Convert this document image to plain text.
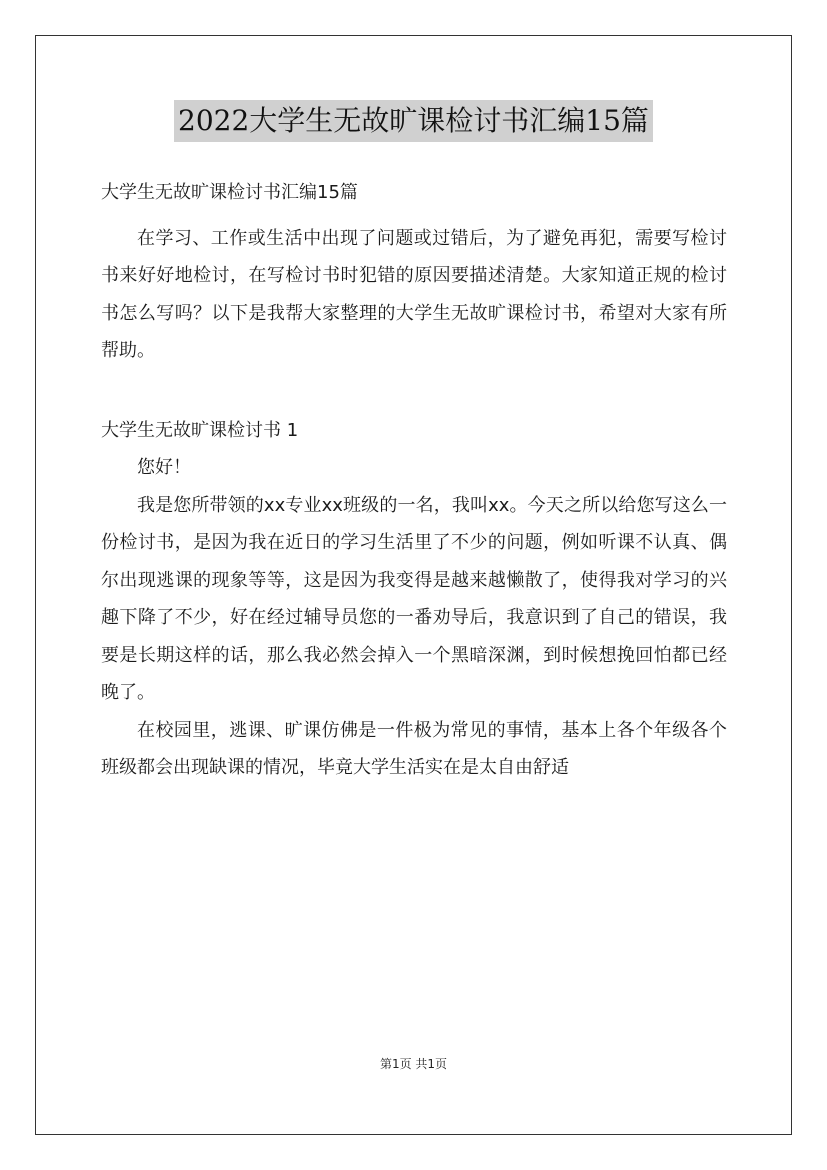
2022大学生无故旷课检讨书汇编15篇

大学生无故旷课检讨书汇编15篇

在学习、工作或生活中出现了问题或过错后，为了避免再犯，需要写检讨书来好好地检讨，在写检讨书时犯错的原因要描述清楚。大家知道正规的检讨书怎么写吗？以下是我帮大家整理的大学生无故旷课检讨书，希望对大家有所帮助。

大学生无故旷课检讨书 1

您好！

我是您所带领的xx专业xx班级的一名，我叫xx。今天之所以给您写这么一份检讨书，是因为我在近日的学习生活里了不少的问题，例如听课不认真、偶尔出现逃课的现象等等，这是因为我变得是越来越懒散了，使得我对学习的兴趣下降了不少，好在经过辅导员您的一番劝导后，我意识到了自己的错误，我要是长期这样的话，那么我必然会掉入一个黑暗深渊，到时候想挽回怕都已经晚了。

在校园里，逃课、旷课仿佛是一件极为常见的事情，基本上各个年级各个班级都会出现缺课的情况，毕竟大学生活实在是太自由舒适

第1页 共1页
